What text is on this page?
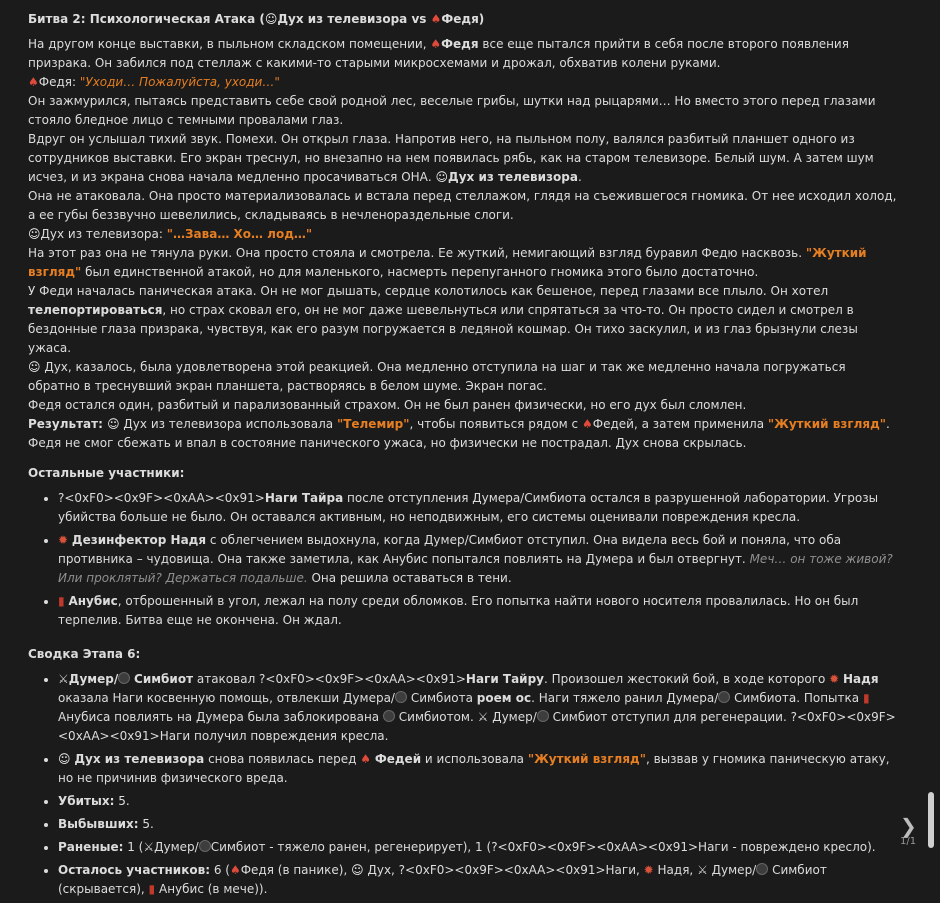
Битва 2: Психологическая Атака (☺Дух из телевизора vs ♠Федя)

На другом конце выставки, в пыльном складском помещении, ♠Федя все еще пытался прийти в себя после второго появления призрака. Он забился под стеллаж с какими-то старыми микросхемами и дрожал, обхватив колени руками.

♠Федя: "Уходи… Пожалуйста, уходи…"

Он зажмурился, пытаясь представить себе свой родной лес, веселые грибы, шутки над рыцарями… Но вместо этого перед глазами стояло бледное лицо с темными провалами глаз.

Вдруг он услышал тихий звук. Помехи. Он открыл глаза. Напротив него, на пыльном полу, валялся разбитый планшет одного из сотрудников выставки. Его экран треснул, но внезапно на нем появилась рябь, как на старом телевизоре. Белый шум. А затем шум исчез, и из экрана снова начала медленно просачиваться ОНА. ☺Дух из телевизора.

Она не атаковала. Она просто материализовалась и встала перед стеллажом, глядя на съежившегося гномика. От нее исходил холод, а ее губы беззвучно шевелились, складываясь в нечленораздельные слоги.

☺Дух из телевизора: "…Зава… Хо… лод…"

На этот раз она не тянула руки. Она просто стояла и смотрела. Ее жуткий, немигающий взгляд буравил Федю насквозь. "Жуткий взгляд" был единственной атакой, но для маленького, насмерть перепуганного гномика этого было достаточно.

У Феди началась паническая атака. Он не мог дышать, сердце колотилось как бешеное, перед глазами все плыло. Он хотел телепортироваться, но страх сковал его, он не мог даже шевельнуться или спрятаться за что-то. Он просто сидел и смотрел в бездонные глаза призрака, чувствуя, как его разум погружается в ледяной кошмар. Он тихо заскулил, и из глаз брызнули слезы ужаса.

☺ Дух, казалось, была удовлетворена этой реакцией. Она медленно отступила на шаг и так же медленно начала погружаться обратно в треснувший экран планшета, растворяясь в белом шуме. Экран погас.

Федя остался один, разбитый и парализованный страхом. Он не был ранен физически, но его дух был сломлен.

Результат: ☺ Дух из телевизора использовала "Телемир", чтобы появиться рядом с ♠Федей, а затем применила "Жуткий взгляд". Федя не смог сбежать и впал в состояние панического ужаса, но физически не пострадал. Дух снова скрылась.

Остальные участники:

• ?<0xF0><0x9F><0xAA><0x91>Наги Тайра после отступления Думера/Симбиота остался в разрушенной лаборатории. Угрозы убийства больше не было. Он оставался активным, но неподвижным, его системы оценивали повреждения кресла.
• ✹ Дезинфектор Надя с облегчением выдохнула, когда Думер/Симбиот отступил. Она видела весь бой и поняла, что оба противника – чудовища. Она также заметила, как Анубис попытался повлиять на Думера и был отвергнут. Меч… он тоже живой? Или проклятый? Держаться подальше. Она решила оставаться в тени.
• ▮ Анубис, отброшенный в угол, лежал на полу среди обломков. Его попытка найти нового носителя провалилась. Но он был терпелив. Битва еще не окончена. Он ждал.

Сводка Этапа 6:

• ⚔Думер/ Симбиот атаковал ?<0xF0><0x9F><0xAA><0x91>Наги Тайру. Произошел жестокий бой, в ходе которого ✹ Надя оказала Наги косвенную помощь, отвлекши Думера/ Симбиота роем ос. Наги тяжело ранил Думера/ Симбиота. Попытка ▮ Анубиса повлиять на Думера была заблокирована  Симбиотом. ⚔ Думер/ Симбиот отступил для регенерации. ?<0xF0><0x9F><0xAA><0x91>Наги получил повреждения кресла.
• ☺ Дух из телевизора снова появилась перед ♠ Федей и использовала "Жуткий взгляд", вызвав у гномика паническую атаку, но не причинив физического вреда.
• Убитых: 5.
• Выбывших: 5.
• Раненые: 1 (⚔Думер/ Симбиот - тяжело ранен, регенерирует), 1 (?<0xF0><0x9F><0xAA><0x91>Наги - повреждено кресло).
• Осталось участников: 6 (♠Федя (в панике), ☺ Дух, ?<0xF0><0x9F><0xAA><0x91>Наги, ✹ Надя, ⚔ Думер/ Симбиот (скрывается), ▮ Анубис (в мече)).
❯
1/1
